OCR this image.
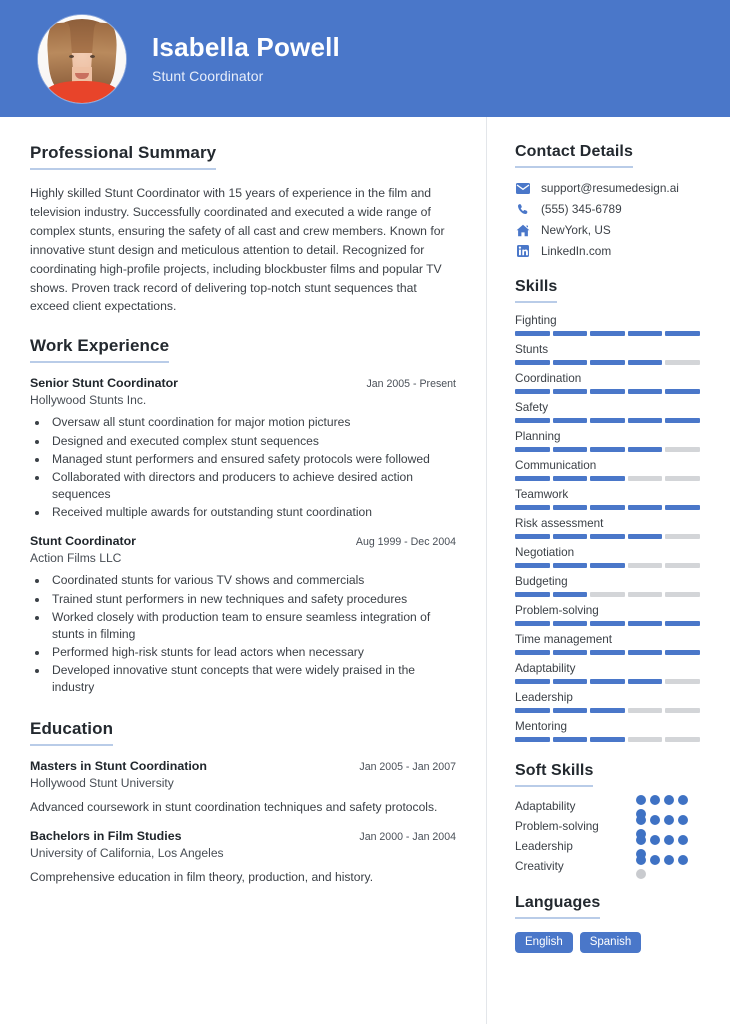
Isabella Powell
Stunt Coordinator
Professional Summary
Highly skilled Stunt Coordinator with 15 years of experience in the film and television industry. Successfully coordinated and executed a wide range of complex stunts, ensuring the safety of all cast and crew members. Known for innovative stunt design and meticulous attention to detail. Recognized for coordinating high-profile projects, including blockbuster films and popular TV shows. Proven track record of delivering top-notch stunt sequences that exceed client expectations.
Work Experience
Senior Stunt Coordinator	Jan 2005 - Present
Hollywood Stunts Inc.
• Oversaw all stunt coordination for major motion pictures
• Designed and executed complex stunt sequences
• Managed stunt performers and ensured safety protocols were followed
• Collaborated with directors and producers to achieve desired action sequences
• Received multiple awards for outstanding stunt coordination
Stunt Coordinator	Aug 1999 - Dec 2004
Action Films LLC
• Coordinated stunts for various TV shows and commercials
• Trained stunt performers in new techniques and safety procedures
• Worked closely with production team to ensure seamless integration of stunts in filming
• Performed high-risk stunts for lead actors when necessary
• Developed innovative stunt concepts that were widely praised in the industry
Education
Masters in Stunt Coordination	Jan 2005 - Jan 2007
Hollywood Stunt University
Advanced coursework in stunt coordination techniques and safety protocols.
Bachelors in Film Studies	Jan 2000 - Jan 2004
University of California, Los Angeles
Comprehensive education in film theory, production, and history.
Contact Details
support@resumedesign.ai
(555) 345-6789
NewYork, US
LinkedIn.com
Skills
Fighting
Stunts
Coordination
Safety
Planning
Communication
Teamwork
Risk assessment
Negotiation
Budgeting
Problem-solving
Time management
Adaptability
Leadership
Mentoring
Soft Skills
Adaptability
Problem-solving
Leadership
Creativity
Languages
English	Spanish
